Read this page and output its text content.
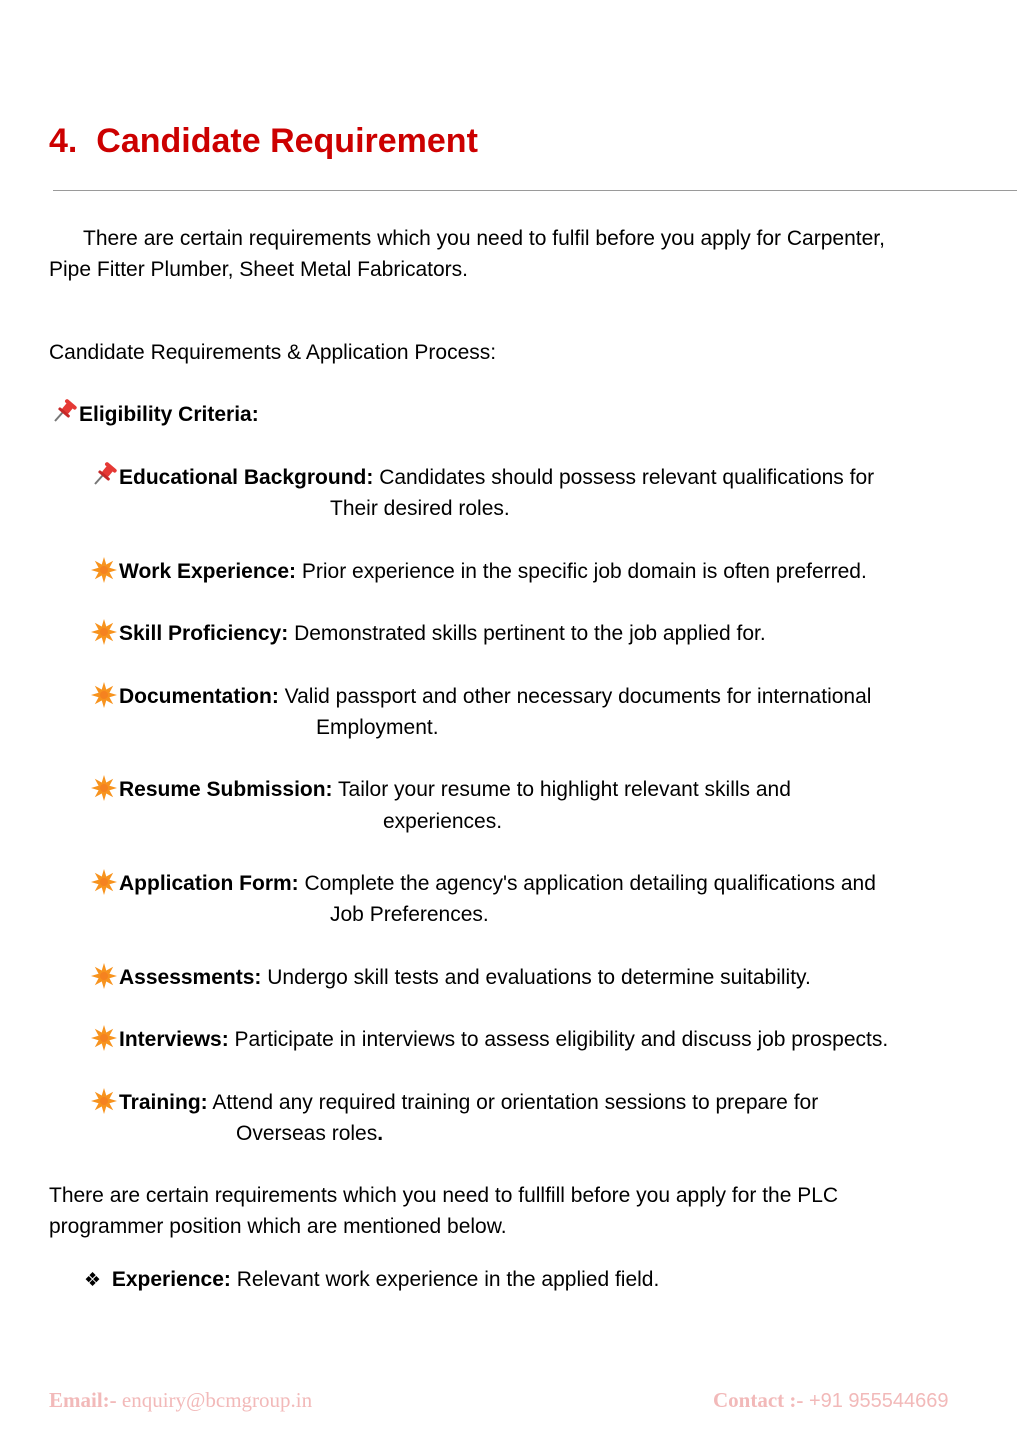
4. Candidate Requirement
There are certain requirements which you need to fulfil before you apply for Carpenter,
Pipe Fitter Plumber, Sheet Metal Fabricators.
Candidate Requirements & Application Process:
Eligibility Criteria:
Educational Background: Candidates should possess relevant qualifications for
Their desired roles.
Work Experience: Prior experience in the specific job domain is often preferred.
Skill Proficiency: Demonstrated skills pertinent to the job applied for.
Documentation: Valid passport and other necessary documents for international
Employment.
Resume Submission: Tailor your resume to highlight relevant skills and
experiences.
Application Form: Complete the agency's application detailing qualifications and
Job Preferences.
Assessments: Undergo skill tests and evaluations to determine suitability.
Interviews: Participate in interviews to assess eligibility and discuss job prospects.
Training: Attend any required training or orientation sessions to prepare for
Overseas roles.
There are certain requirements which you need to fullfill before you apply for the PLC
programmer position which are mentioned below.
❖ Experience: Relevant work experience in the applied field.
Email:- enquiry@bcmgroup.in	Contact :- +91 955544669
